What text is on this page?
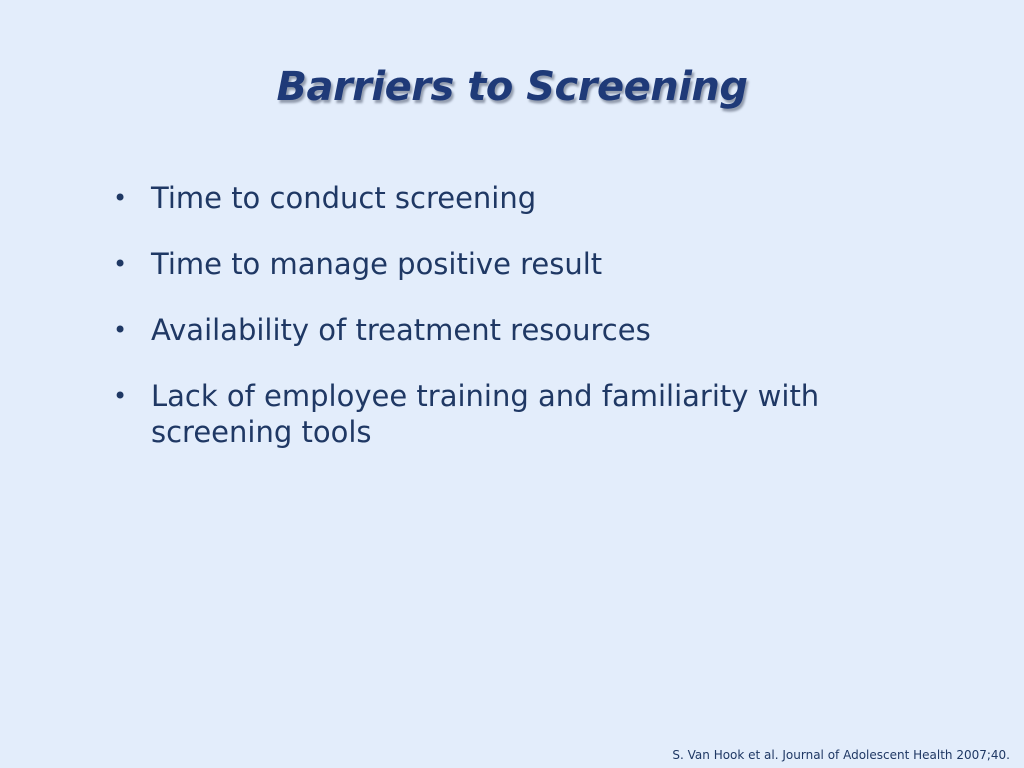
Barriers to Screening
• Time to conduct screening
• Time to manage positive result
• Availability of treatment resources
• Lack of employee training and familiarity with screening tools
S. Van Hook et al. Journal of Adolescent Health 2007;40.
